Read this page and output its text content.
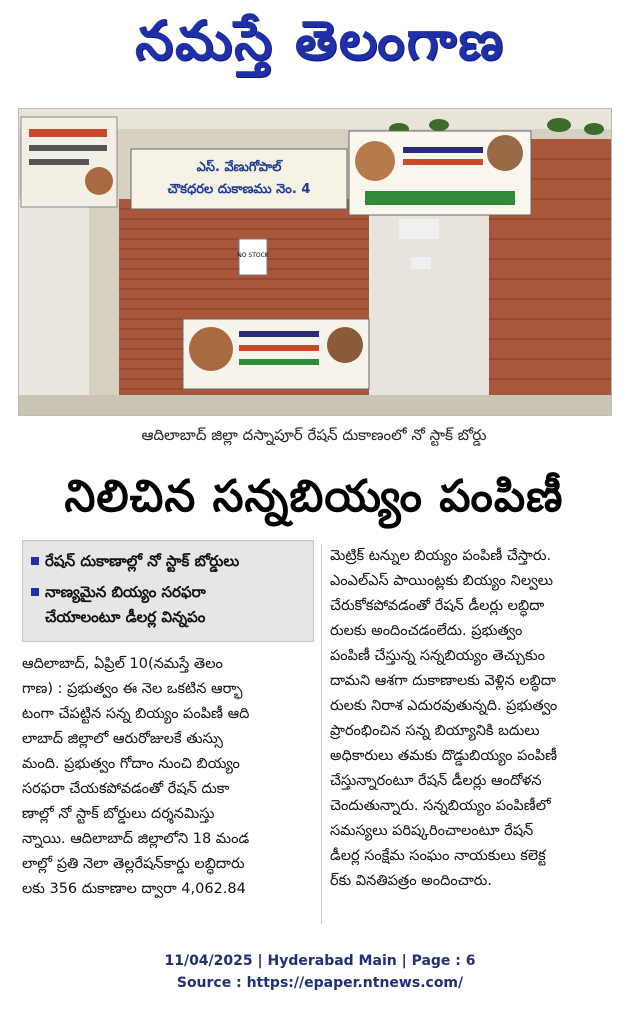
నమస్తే తెలంగాణ
ఎస్. వేణుగోపాల్
చౌకధరల దుకాణము నెం. 4
NO STOCK
ఆదిలాబాద్ జిల్లా దస్నాపూర్ రేషన్ దుకాణంలో నో స్టాక్ బోర్డు
నిలిచిన సన్నబియ్యం పంపిణీ
రేషన్ దుకాణాల్లో నో స్టాక్ బోర్డులు
నాణ్యమైన బియ్యం సరఫరా
చేయాలంటూ డీలర్ల విన్నపం
ఆదిలాబాద్, ఏప్రిల్ 10(నమస్తే తెలం
గాణ) : ప్రభుత్వం ఈ నెల ఒకటిన ఆర్భా
టంగా చేపట్టిన సన్న బియ్యం పంపిణీ ఆది
లాబాద్ జిల్లాలో ఆరురోజులకే తుస్సు
మంది. ప్రభుత్వం గోదాం నుంచి బియ్యం
సరఫరా చేయకపోవడంతో రేషన్ దుకా
ణాల్లో నో స్టాక్ బోర్డులు దర్శనమిస్తు
న్నాయి. ఆదిలాబాద్ జిల్లాలోని 18 మండ
లాల్లో ప్రతి నెలా తెల్లరేషన్‌కార్డు లబ్ధిదారు
లకు 356 దుకాణాల ద్వారా 4,062.84
మెట్రిక్ టన్నుల బియ్యం పంపిణీ చేస్తారు.
ఎంఎల్ఎస్ పాయింట్లకు బియ్యం నిల్వలు
చేరుకోకపోవడంతో రేషన్ డీలర్లు లబ్ధిదా
రులకు అందించడంలేదు. ప్రభుత్వం
పంపిణీ చేస్తున్న సన్నబియ్యం తెచ్చుకుం
దామని ఆశగా దుకాణాలకు వెళ్లిన లబ్ధిదా
రులకు నిరాశ ఎదురవుతున్నది. ప్రభుత్వం
ప్రారంభించిన సన్న బియ్యానికి బదులు
అధికారులు తమకు దొడ్డుబియ్యం పంపిణీ
చేస్తున్నారంటూ రేషన్ డీలర్లు ఆందోళన
చెందుతున్నారు. సన్నబియ్యం పంపిణీలో
సమస్యలు పరిష్కరించాలంటూ రేషన్
డీలర్ల సంక్షేమ సంఘం నాయకులు కలెక్ట
ర్‌కు వినతిపత్రం అందించారు.
11/04/2025 | Hyderabad Main | Page : 6
Source : https://epaper.ntnews.com/
